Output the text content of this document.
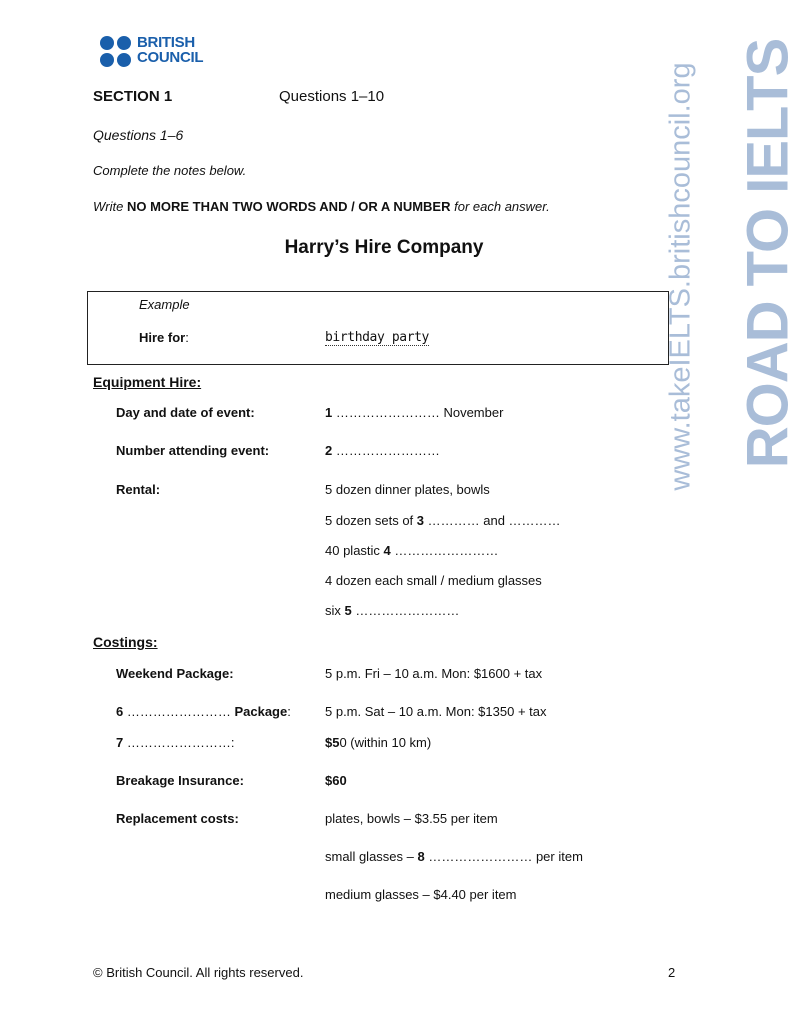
ROAD TO IELTS
www.takeIELTS.britishcouncil.org
BRITISH
COUNCIL
SECTION 1	Questions 1–10
Questions 1–6
Complete the notes below.
Write NO MORE THAN TWO WORDS AND / OR A NUMBER for each answer.
Harry’s Hire Company
Example
Hire for:	birthday party
Equipment Hire:
Day and date of event:	1 …………………… November
Number attending event:	2 ……………………
Rental:	5 dozen dinner plates, bowls
5 dozen sets of 3 ………… and …………
40 plastic 4 ……………………
4 dozen each small / medium glasses
six 5 ……………………
Costings:
Weekend Package:	5 p.m. Fri – 10 a.m. Mon: $1600 + tax
6 …………………… Package:	5 p.m. Sat – 10 a.m. Mon: $1350 + tax
7 ……………………:	$50 (within 10 km)
Breakage Insurance:	$60
Replacement costs:	plates, bowls – $3.55 per item
small glasses – 8 …………………… per item
medium glasses – $4.40 per item
© British Council. All rights reserved.	2
